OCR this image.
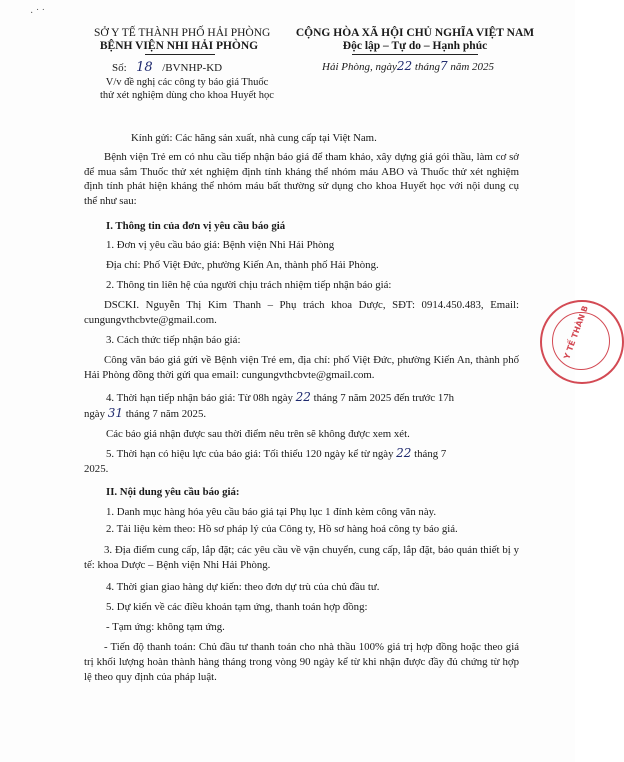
· ˙ ˙
SỞ Y TẾ THÀNH PHỐ HẢI PHÒNG
BỆNH VIỆN NHI HẢI PHÒNG
Số: 18 /BVNHP-KD
V/v đề nghị các công ty báo giá Thuốc
thử xét nghiệm dùng cho khoa Huyết học
CỘNG HÒA XÃ HỘI CHỦ NGHĨA VIỆT NAM
Độc lập – Tự do – Hạnh phúc
Hải Phòng, ngày22 tháng7 năm 2025
Y TẾ THÀN B
Kính gửi: Các hãng sản xuất, nhà cung cấp tại Việt Nam.
Bệnh viện Trẻ em có nhu cầu tiếp nhận báo giá để tham khảo, xây dựng giá gói thầu, làm cơ sở để mua sắm Thuốc thử xét nghiệm định tính kháng thể nhóm máu ABO và Thuốc thử xét nghiệm định tính phát hiện kháng thể nhóm máu bất thường sử dụng cho khoa Huyết học với nội dung cụ thể như sau:
I. Thông tin của đơn vị yêu cầu báo giá
1. Đơn vị yêu cầu báo giá: Bệnh viện Nhi Hải Phòng
Địa chỉ: Phố Việt Đức, phường Kiến An, thành phố Hải Phòng.
2. Thông tin liên hệ của người chịu trách nhiệm tiếp nhận báo giá:
DSCKI. Nguyễn Thị Kim Thanh – Phụ trách khoa Dược, SĐT: 0914.450.483, Email: cungungvthcbvte@gmail.com.
3. Cách thức tiếp nhận báo giá:
Công văn báo giá gửi về Bệnh viện Trẻ em, địa chỉ: phố Việt Đức, phường Kiến An, thành phố Hải Phòng đồng thời gửi qua email: cungungvthcbvte@gmail.com.
4. Thời hạn tiếp nhận báo giá: Từ 08h ngày 22 tháng 7 năm 2025 đến trước 17h
ngày 31 tháng 7 năm 2025.
Các báo giá nhận được sau thời điểm nêu trên sẽ không được xem xét.
5. Thời hạn có hiệu lực của báo giá: Tối thiểu 120 ngày kể từ ngày 22 tháng 7
2025.
II. Nội dung yêu cầu báo giá:
1. Danh mục hàng hóa yêu cầu báo giá tại Phụ lục 1 đính kèm công văn này.
2. Tài liệu kèm theo: Hồ sơ pháp lý của Công ty, Hồ sơ hàng hoá công ty báo giá.
3. Địa điểm cung cấp, lắp đặt; các yêu cầu về vận chuyển, cung cấp, lắp đặt, bảo quản thiết bị y tế: khoa Dược – Bệnh viện Nhi Hải Phòng.
4. Thời gian giao hàng dự kiến: theo đơn dự trù của chủ đầu tư.
5. Dự kiến về các điều khoản tạm ứng, thanh toán hợp đồng:
- Tạm ứng: không tạm ứng.
- Tiến độ thanh toán: Chủ đầu tư thanh toán cho nhà thầu 100% giá trị hợp đồng hoặc theo giá trị khối lượng hoàn thành hàng tháng trong vòng 90 ngày kể từ khi nhận được đầy đủ chứng từ hợp lệ theo quy định của pháp luật.
